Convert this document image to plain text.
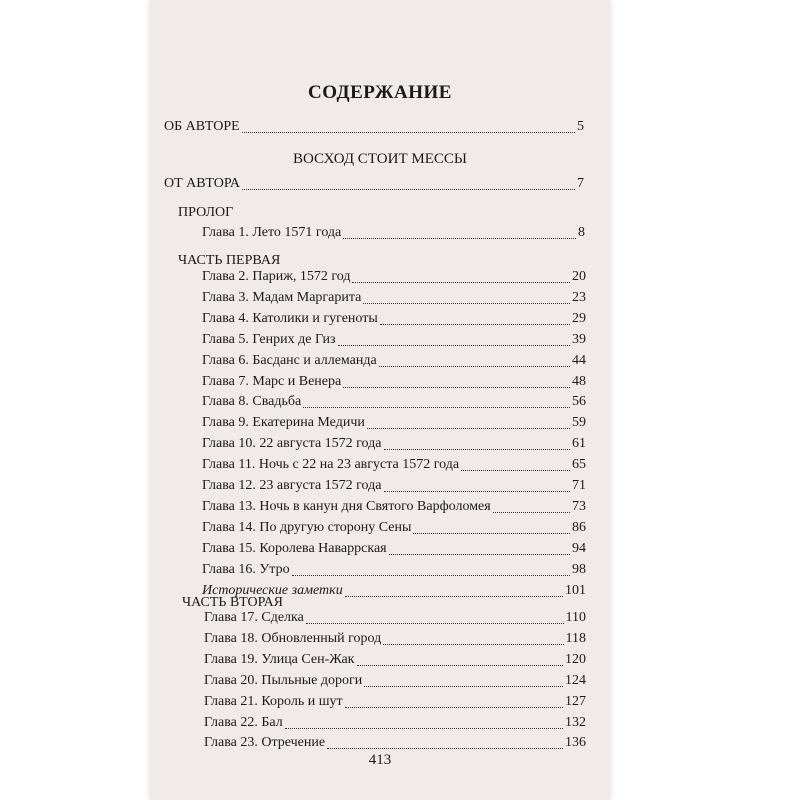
СОДЕРЖАНИЕ
ОБ АВТОРЕ	5
ВОСХОД СТОИТ МЕССЫ
ОТ АВТОРА	7
ПРОЛОГ
Глава 1. Лето 1571 года	8
ЧАСТЬ ПЕРВАЯ
Глава 2. Париж, 1572 год	20
Глава 3. Мадам Маргарита	23
Глава 4. Католики и гугеноты	29
Глава 5. Генрих де Гиз	39
Глава 6. Басданс и аллеманда	44
Глава 7. Марс и Венера	48
Глава 8. Свадьба	56
Глава 9. Екатерина Медичи	59
Глава 10. 22 августа 1572 года	61
Глава 11. Ночь с 22 на 23 августа 1572 года	65
Глава 12. 23 августа 1572 года	71
Глава 13. Ночь в канун дня Святого Варфоломея	73
Глава 14. По другую сторону Сены	86
Глава 15. Королева Наваррская	94
Глава 16. Утро	98
Исторические заметки	101
ЧАСТЬ ВТОРАЯ
Глава 17. Сделка	110
Глава 18. Обновленный город	118
Глава 19. Улица Сен-Жак	120
Глава 20. Пыльные дороги	124
Глава 21. Король и шут	127
Глава 22. Бал	132
Глава 23. Отречение	136
413
